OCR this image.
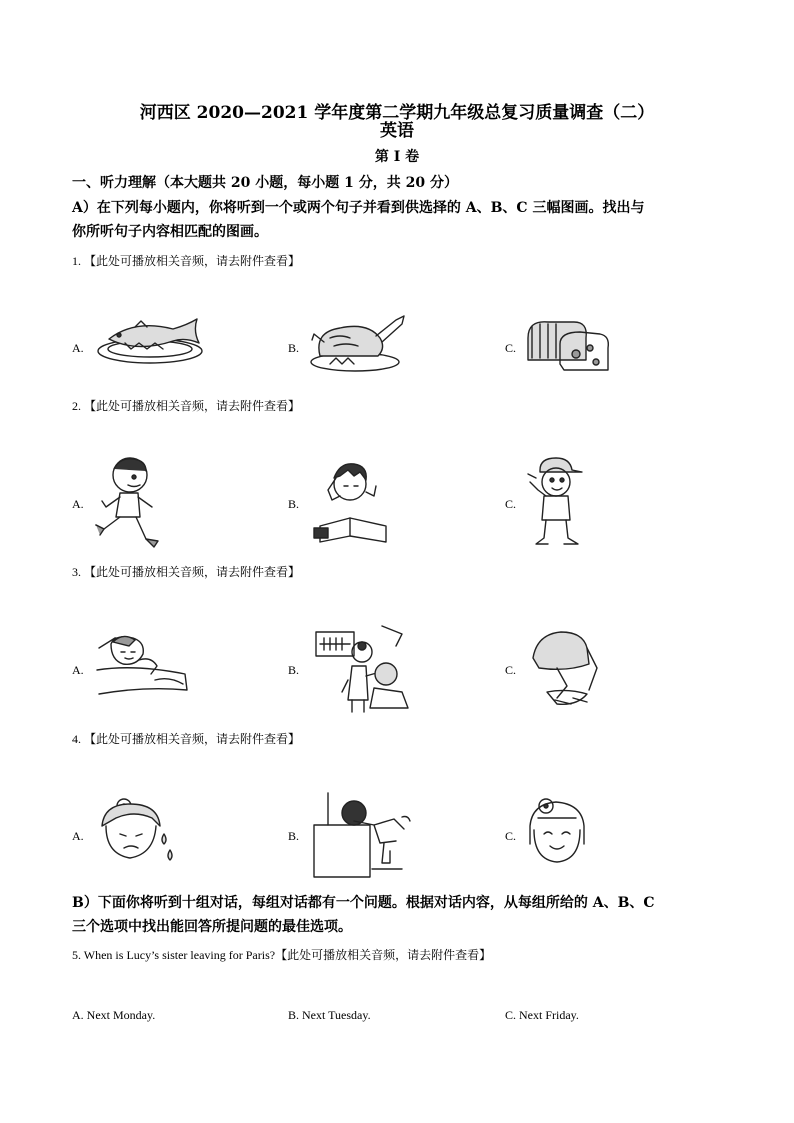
河西区 2020—2021 学年度第二学期九年级总复习质量调查（二）
英语
第 I 卷
一、听力理解（本大题共 20 小题，每小题 1 分，共 20 分）
A）在下列每小题内，你将听到一个或两个句子并看到供选择的 A、B、C 三幅图画。找出与
你所听句子内容相匹配的图画。
1. 【此处可播放相关音频，请去附件查看】
A.	B.	C.
2. 【此处可播放相关音频，请去附件查看】
A.	B.	C.
3. 【此处可播放相关音频，请去附件查看】
A.	B.	C.
4. 【此处可播放相关音频，请去附件查看】
A.	B.	C.
B）下面你将听到十组对话，每组对话都有一个问题。根据对话内容，从每组所给的 A、B、C
三个选项中找出能回答所提问题的最佳选项。
5. When is Lucy’s sister leaving for Paris?【此处可播放相关音频，请去附件查看】
A. Next Monday.	B. Next Tuesday.	C. Next Friday.
